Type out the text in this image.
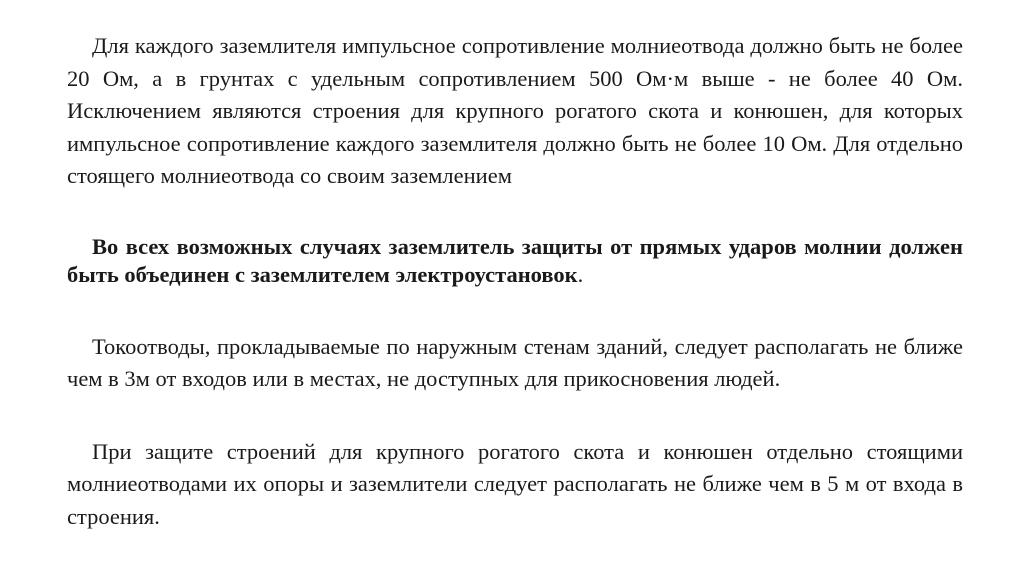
Для каждого заземлителя импульсное сопротивление молниеотвода должно быть не более 20 Ом, а в грунтах с удельным сопротивлением 500 Ом·м выше - не более 40 Ом. Исключением являются строения для крупного рогатого скота и конюшен, для которых импульсное сопротивление каждого заземлителя должно быть не более 10 Ом. Для отдельно стоящего молниеотвода со своим заземлением

Во всех возможных случаях заземлитель защиты от прямых ударов молнии должен быть объединен с заземлителем электроустановок.

Токоотводы, прокладываемые по наружным стенам зданий, следует располагать не ближе чем в 3м от входов или в местах, не доступных для прикосновения людей.

При защите строений для крупного рогатого скота и конюшен отдельно стоящими молниеотводами их опоры и заземлители следует располагать не ближе чем в 5 м от входа в строения.
